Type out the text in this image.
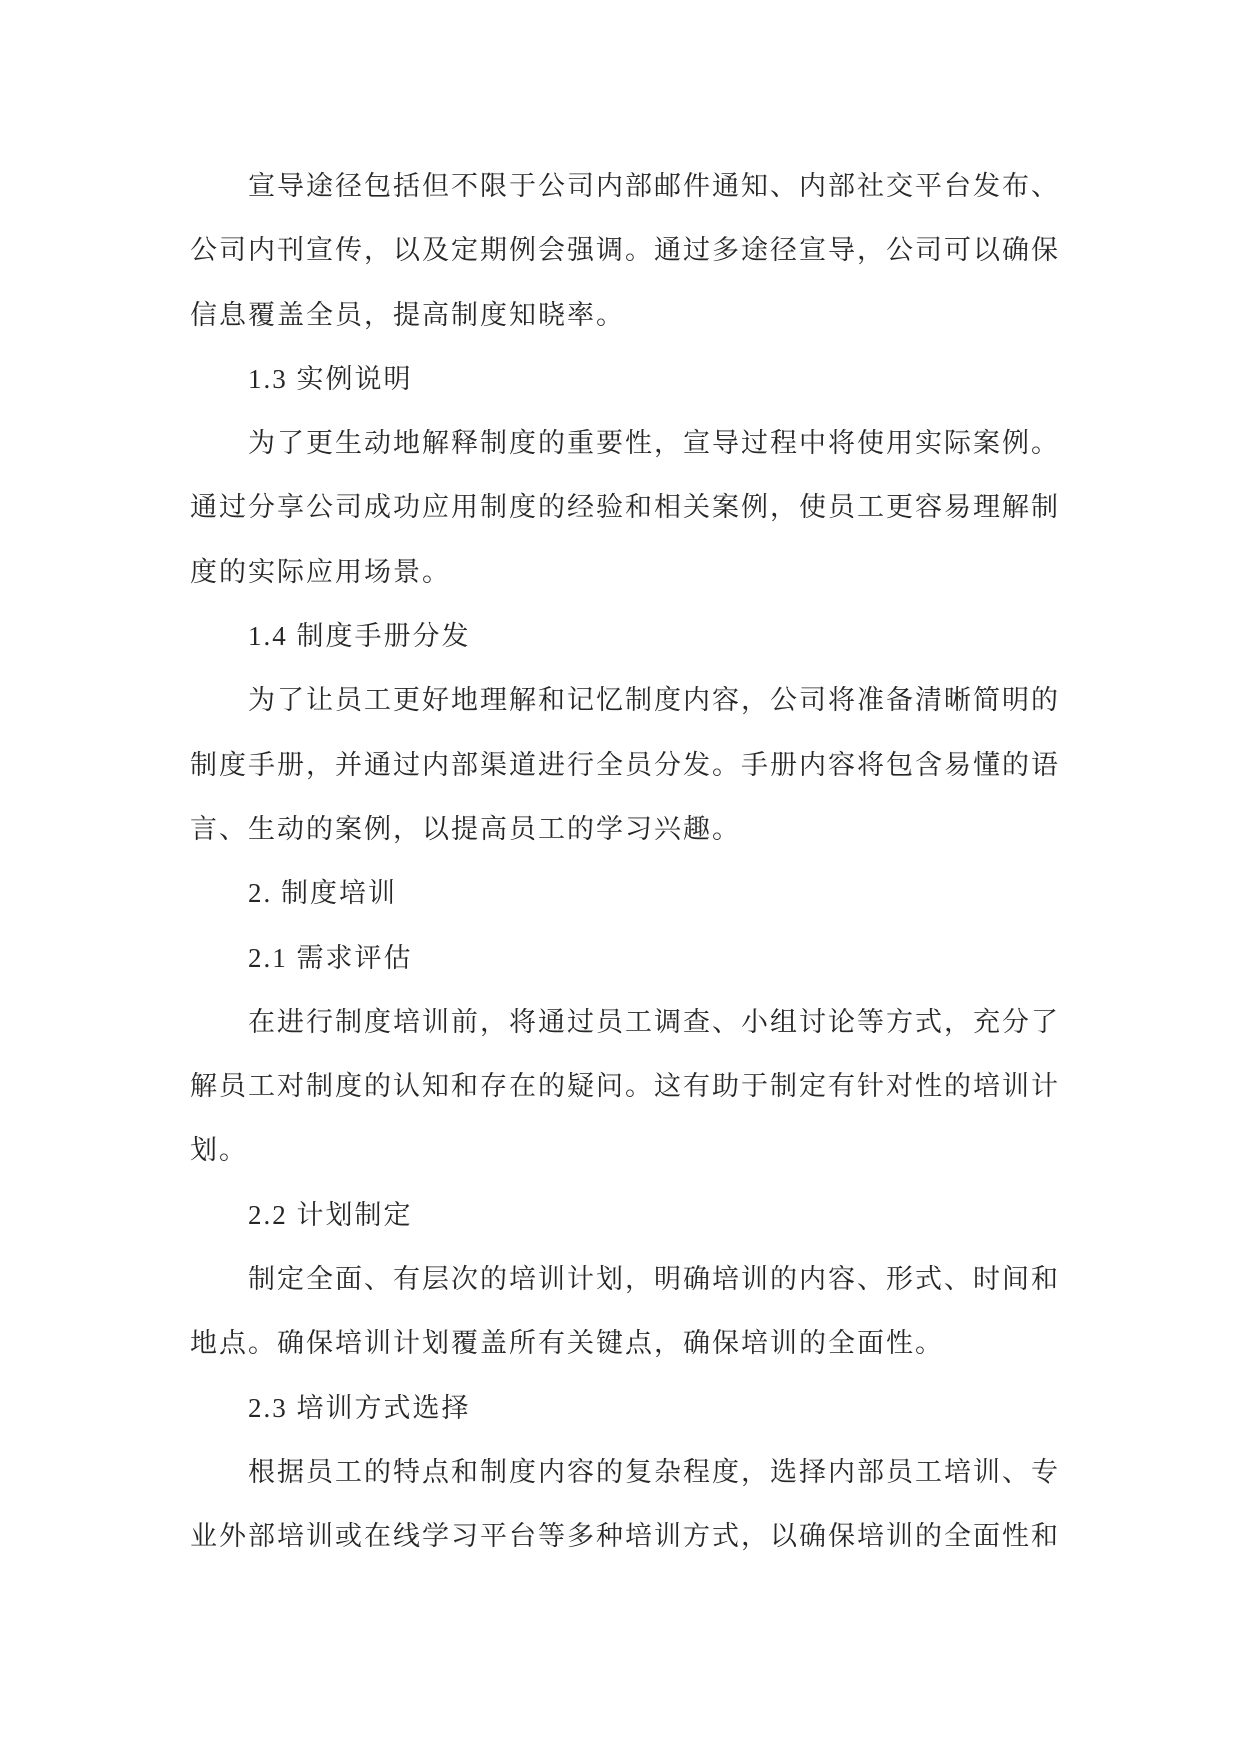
宣导途径包括但不限于公司内部邮件通知、内部社交平台发布、
公司内刊宣传，以及定期例会强调。通过多途径宣导，公司可以确保
信息覆盖全员，提高制度知晓率。
1.3 实例说明
为了更生动地解释制度的重要性，宣导过程中将使用实际案例。
通过分享公司成功应用制度的经验和相关案例，使员工更容易理解制
度的实际应用场景。
1.4 制度手册分发
为了让员工更好地理解和记忆制度内容，公司将准备清晰简明的
制度手册，并通过内部渠道进行全员分发。手册内容将包含易懂的语
言、生动的案例，以提高员工的学习兴趣。
2. 制度培训
2.1 需求评估
在进行制度培训前，将通过员工调查、小组讨论等方式，充分了
解员工对制度的认知和存在的疑问。这有助于制定有针对性的培训计
划。
2.2 计划制定
制定全面、有层次的培训计划，明确培训的内容、形式、时间和
地点。确保培训计划覆盖所有关键点，确保培训的全面性。
2.3 培训方式选择
根据员工的特点和制度内容的复杂程度，选择内部员工培训、专
业外部培训或在线学习平台等多种培训方式，以确保培训的全面性和
